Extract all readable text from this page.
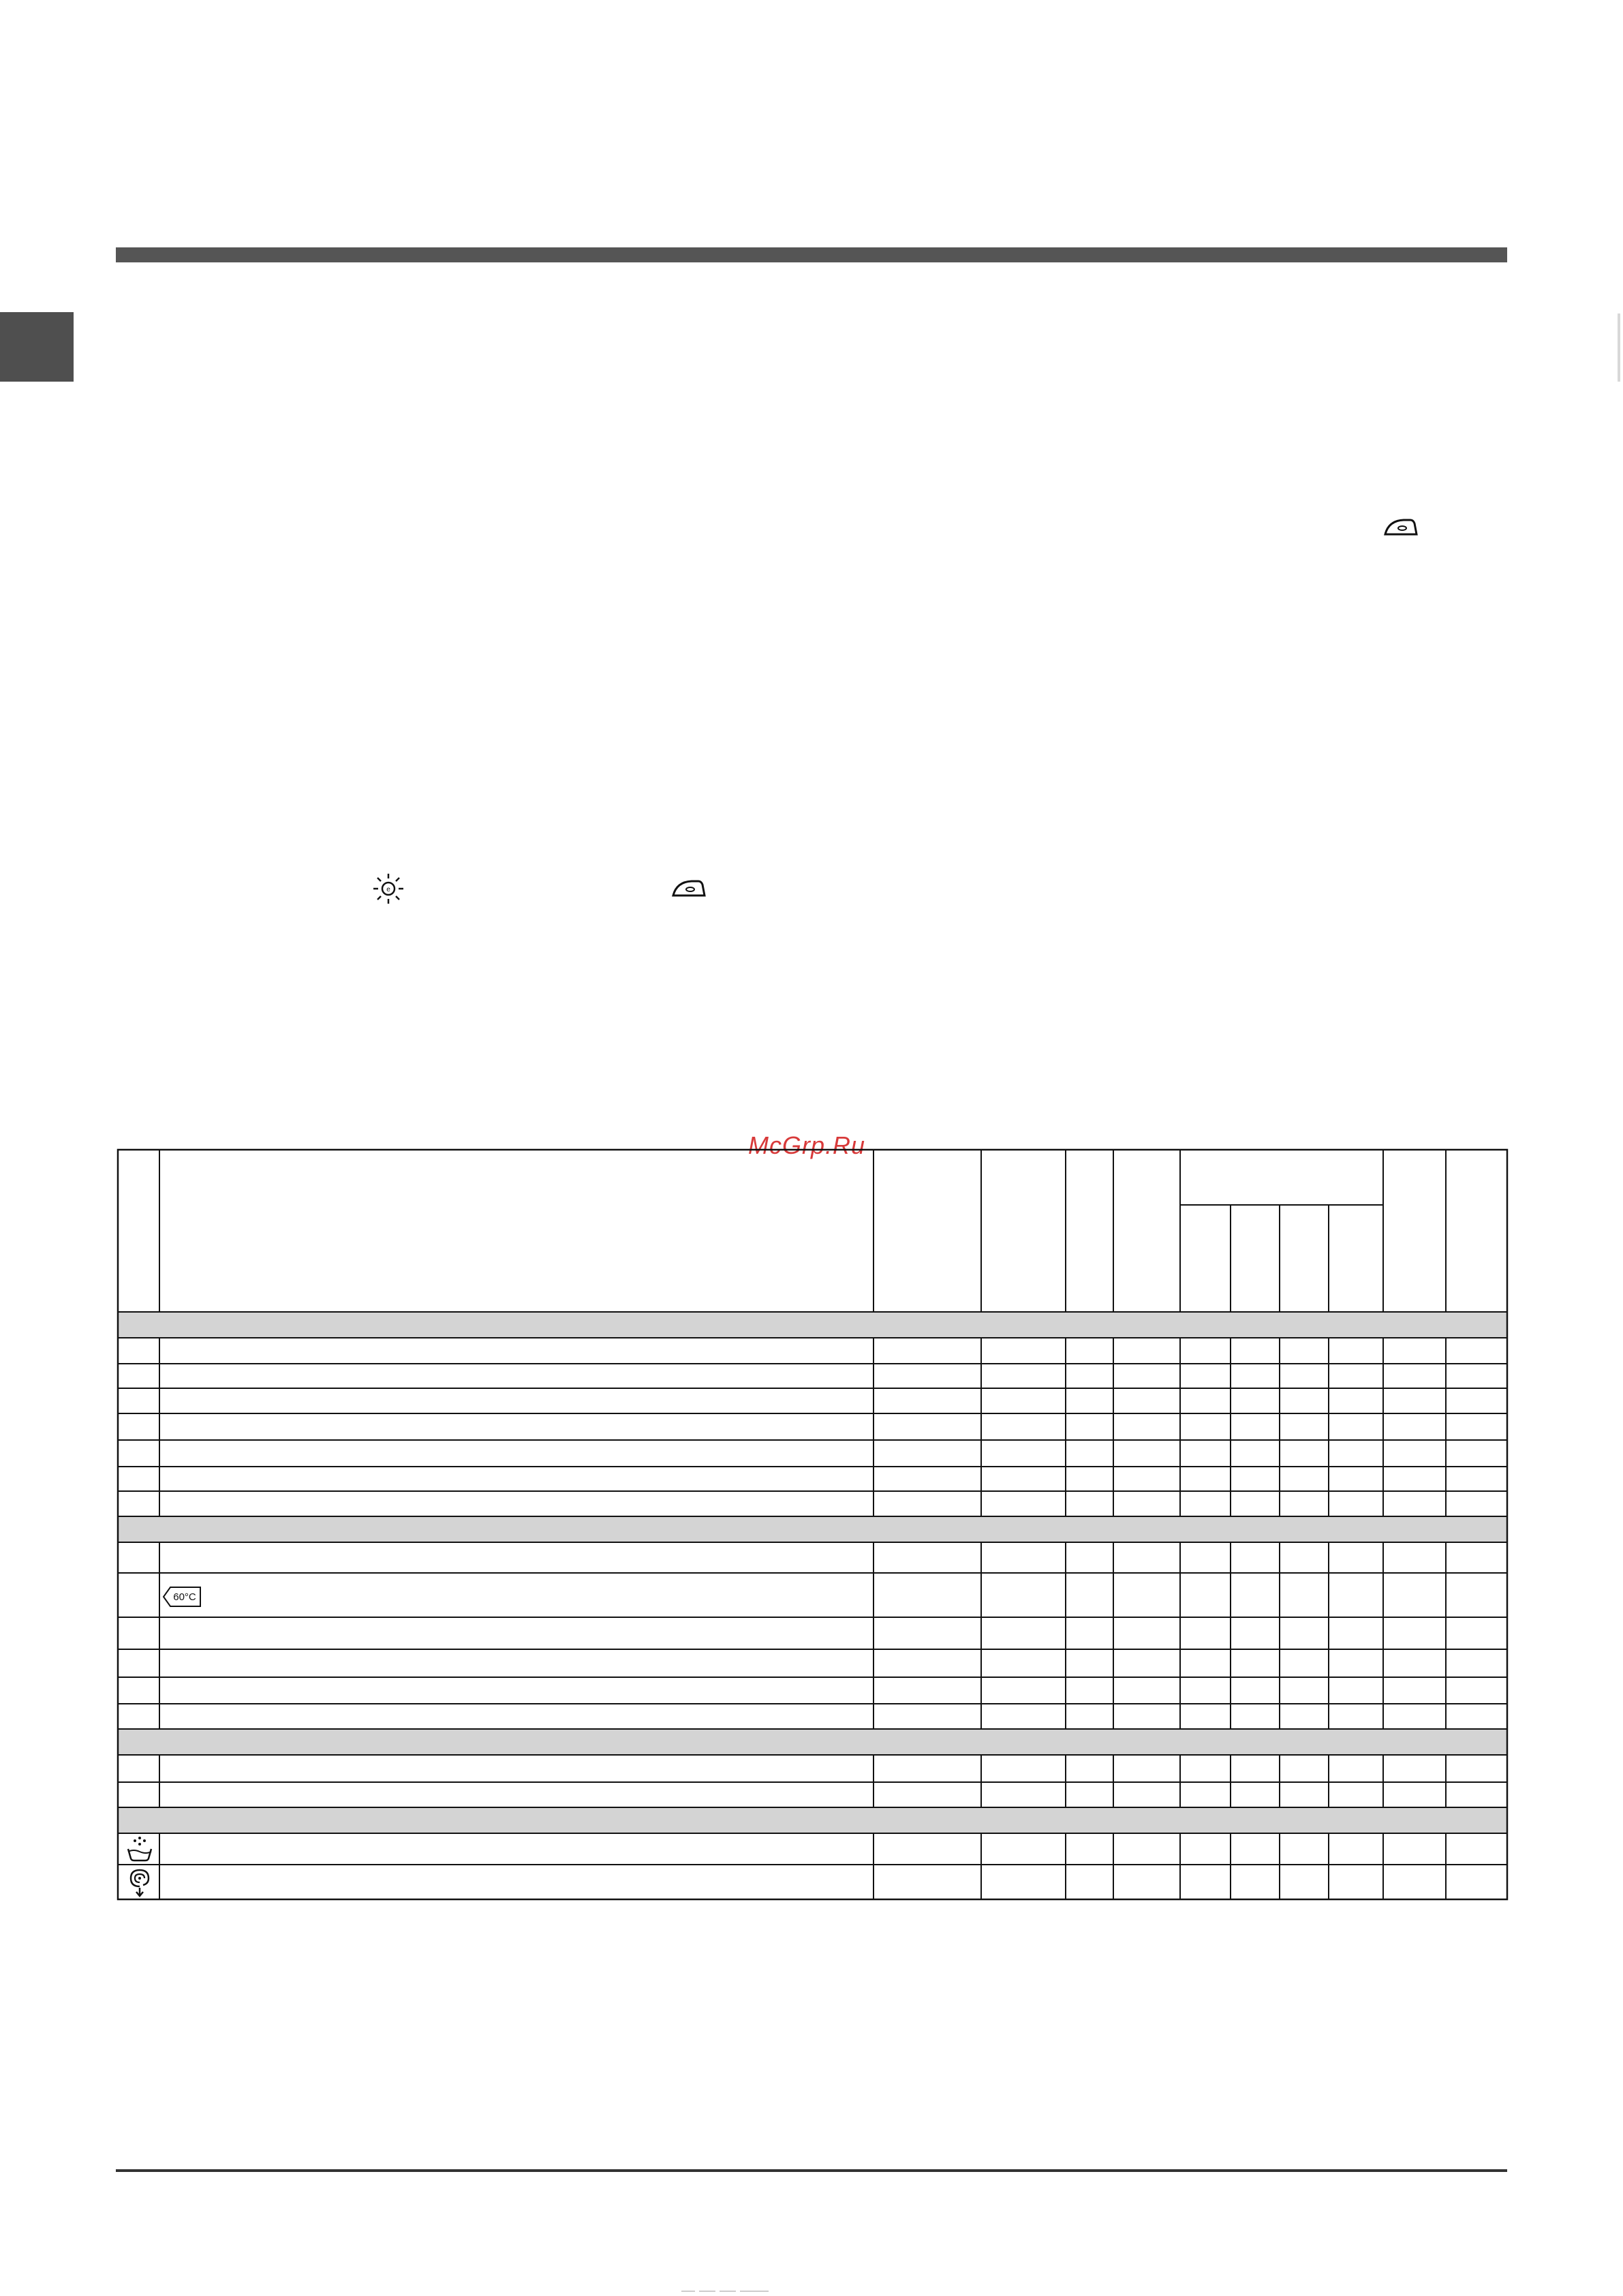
e
McGrp.Ru
60°C
